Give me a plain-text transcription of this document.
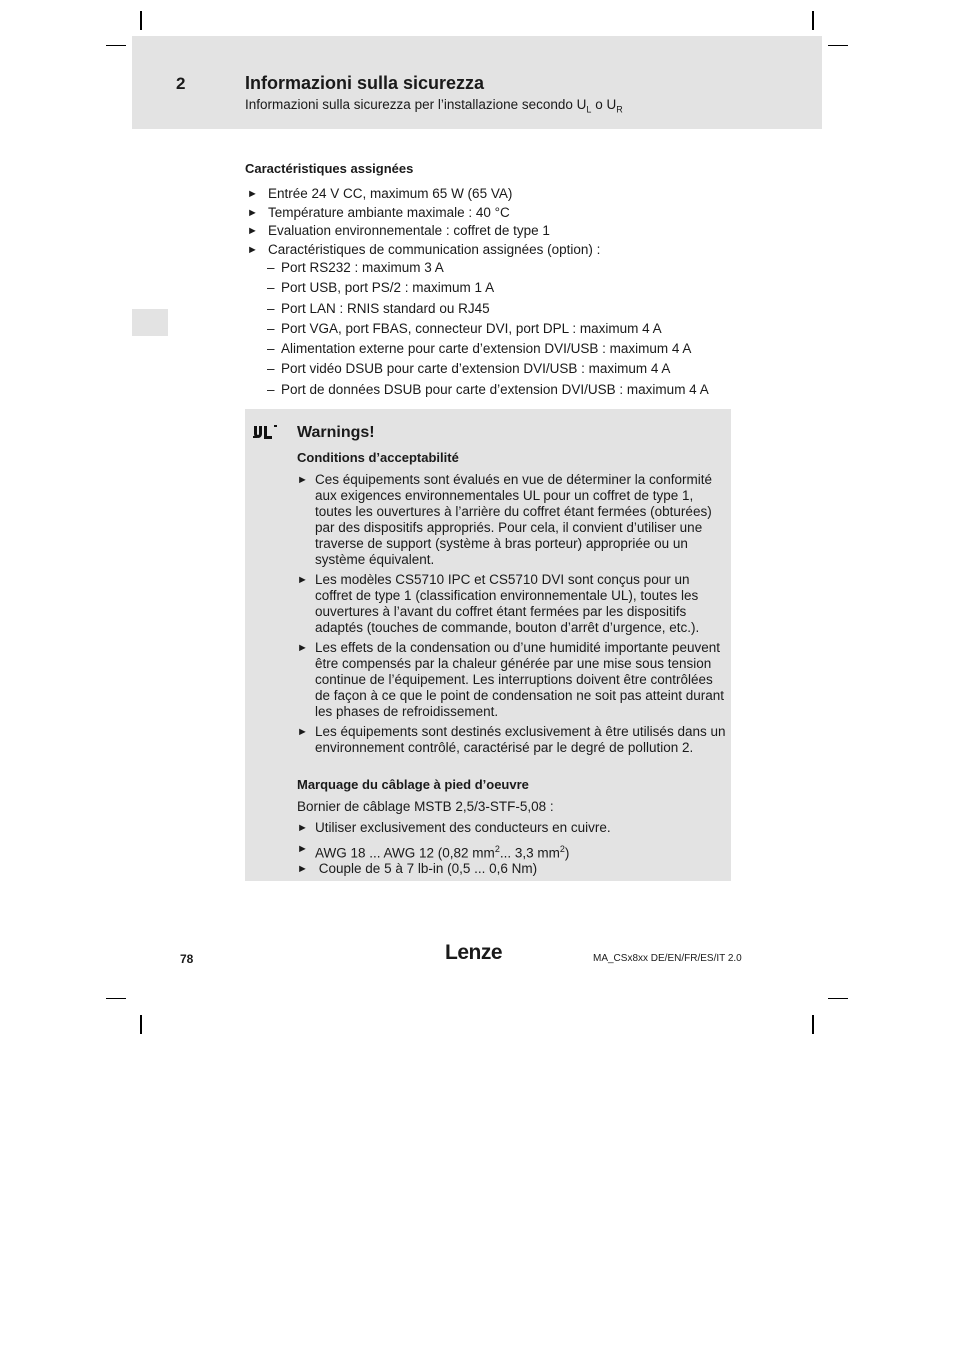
2	Informazioni sulla sicurezza
Informazioni sulla sicurezza per l’installazione secondo $U_L$ o $U_R$
Caractéristiques assignées
► Entrée 24 V CC, maximum 65 W (65 VA)
► Température ambiante maximale : 40 °C
► Evaluation environnementale : coffret de type 1
► Caractéristiques de communication assignées (option) :
– Port RS232 : maximum 3 A
– Port USB, port PS/2 : maximum 1 A
– Port LAN : RNIS standard ou RJ45
– Port VGA, port FBAS, connecteur DVI, port DPL : maximum 4 A
– Alimentation externe pour carte d’extension DVI/USB : maximum 4 A
– Port vidéo DSUB pour carte d’extension DVI/USB : maximum 4 A
– Port de données DSUB pour carte d’extension DVI/USB : maximum 4 A
Warnings!
Conditions d’acceptabilité
► Ces équipements sont évalués en vue de déterminer la conformité aux exigences environnementales UL pour un coffret de type 1, toutes les ouvertures à l’arrière du coffret étant fermées (obturées) par des dispositifs appropriés. Pour cela, il convient d’utiliser une traverse de support (système à bras porteur) appropriée ou un système équivalent.
► Les modèles CS5710 IPC et CS5710 DVI sont conçus pour un coffret de type 1 (classification environnementale UL), toutes les ouvertures à l’avant du coffret étant fermées par les dispositifs adaptés (touches de commande, bouton d’arrêt d’urgence, etc.).
► Les effets de la condensation ou d’une humidité importante peuvent être compensés par la chaleur générée par une mise sous tension continue de l’équipement. Les interruptions doivent être contrôlées de façon à ce que le point de condensation ne soit pas atteint durant les phases de refroidissement.
► Les équipements sont destinés exclusivement à être utilisés dans un environnement contrôlé, caractérisé par le degré de pollution 2.
Marquage du câblage à pied d’oeuvre
Bornier de câblage MSTB 2,5/3-STF-5,08 :
► Utiliser exclusivement des conducteurs en cuivre.
► AWG 18 ... AWG 12 (0,82 $mm^2$... 3,3 $mm^2$)
► Couple de 5 à 7 lb-in (0,5 ... 0,6 Nm)
78	Lenze	MA_CSx8xx DE/EN/FR/ES/IT 2.0
